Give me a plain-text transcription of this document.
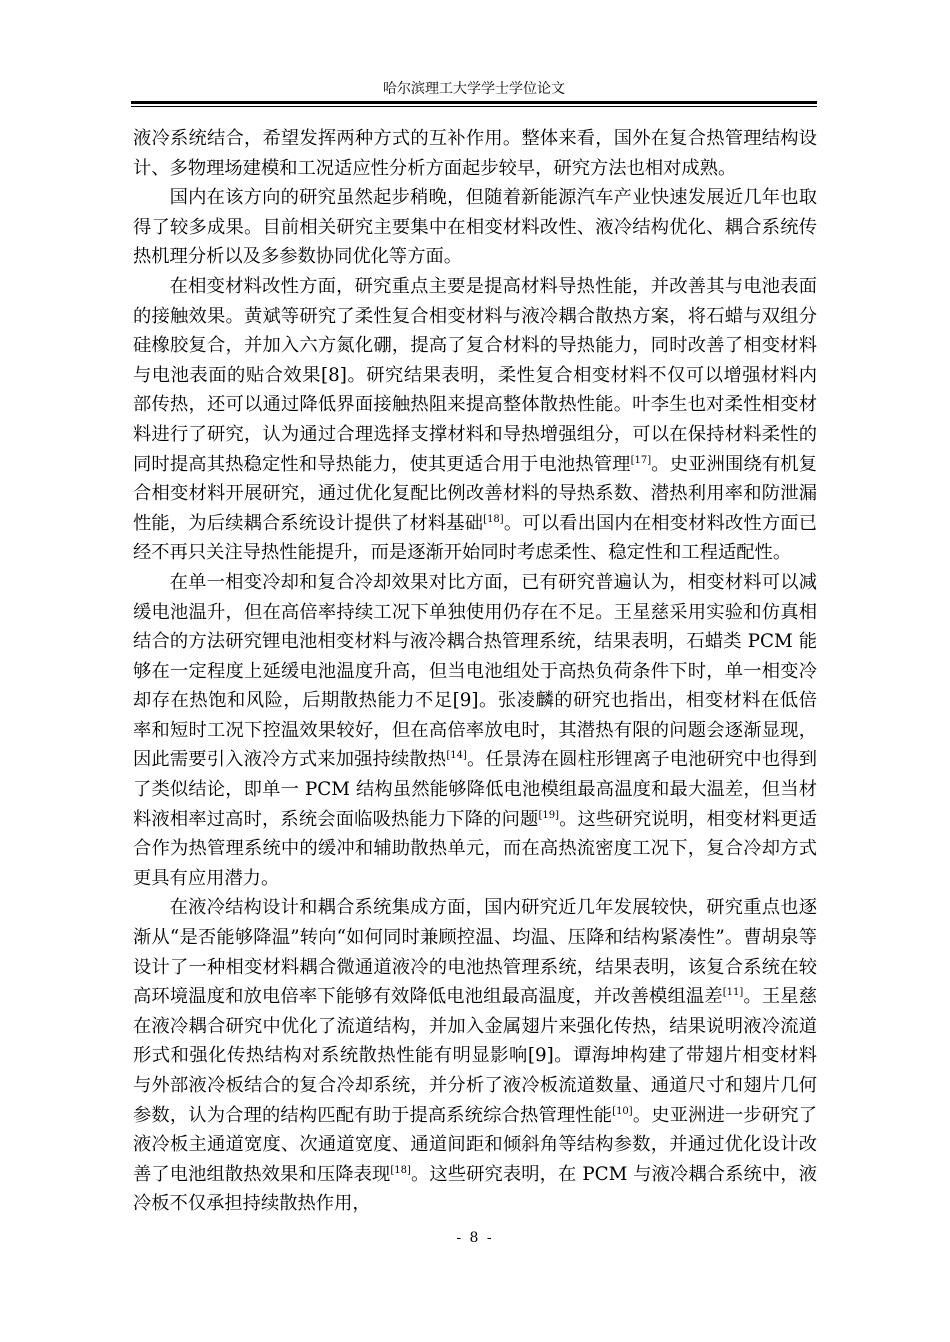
哈尔滨理工大学学士学位论文

液冷系统结合，希望发挥两种方式的互补作用。整体来看，国外在复合热管理结构设计、多物理场建模和工况适应性分析方面起步较早，研究方法也相对成熟。

国内在该方向的研究虽然起步稍晚，但随着新能源汽车产业快速发展近几年也取得了较多成果。目前相关研究主要集中在相变材料改性、液冷结构优化、耦合系统传热机理分析以及多参数协同优化等方面。

在相变材料改性方面，研究重点主要是提高材料导热性能，并改善其与电池表面的接触效果。黄斌等研究了柔性复合相变材料与液冷耦合散热方案，将石蜡与双组分硅橡胶复合，并加入六方氮化硼，提高了复合材料的导热能力，同时改善了相变材料与电池表面的贴合效果[8]。研究结果表明，柔性复合相变材料不仅可以增强材料内部传热，还可以通过降低界面接触热阻来提高整体散热性能。叶李生也对柔性相变材料进行了研究，认为通过合理选择支撑材料和导热增强组分，可以在保持材料柔性的同时提高其热稳定性和导热能力，使其更适合用于电池热管理[17]。史亚洲围绕有机复合相变材料开展研究，通过优化复配比例改善材料的导热系数、潜热利用率和防泄漏性能，为后续耦合系统设计提供了材料基础[18]。可以看出国内在相变材料改性方面已经不再只关注导热性能提升，而是逐渐开始同时考虑柔性、稳定性和工程适配性。

在单一相变冷却和复合冷却效果对比方面，已有研究普遍认为，相变材料可以减缓电池温升，但在高倍率持续工况下单独使用仍存在不足。王星慈采用实验和仿真相结合的方法研究锂电池相变材料与液冷耦合热管理系统，结果表明，石蜡类 PCM 能够在一定程度上延缓电池温度升高，但当电池组处于高热负荷条件下时，单一相变冷却存在热饱和风险，后期散热能力不足[9]。张凌麟的研究也指出，相变材料在低倍率和短时工况下控温效果较好，但在高倍率放电时，其潜热有限的问题会逐渐显现，因此需要引入液冷方式来加强持续散热[14]。任景涛在圆柱形锂离子电池研究中也得到了类似结论，即单一 PCM 结构虽然能够降低电池模组最高温度和最大温差，但当材料液相率过高时，系统会面临吸热能力下降的问题[19]。这些研究说明，相变材料更适合作为热管理系统中的缓冲和辅助散热单元，而在高热流密度工况下，复合冷却方式更具有应用潜力。

在液冷结构设计和耦合系统集成方面，国内研究近几年发展较快，研究重点也逐渐从“是否能够降温”转向“如何同时兼顾控温、均温、压降和结构紧凑性”。曹胡泉等设计了一种相变材料耦合微通道液冷的电池热管理系统，结果表明，该复合系统在较高环境温度和放电倍率下能够有效降低电池组最高温度，并改善模组温差[11]。王星慈在液冷耦合研究中优化了流道结构，并加入金属翅片来强化传热，结果说明液冷流道形式和强化传热结构对系统散热性能有明显影响[9]。谭海坤构建了带翅片相变材料与外部液冷板结合的复合冷却系统，并分析了液冷板流道数量、通道尺寸和翅片几何参数，认为合理的结构匹配有助于提高系统综合热管理性能[10]。史亚洲进一步研究了液冷板主通道宽度、次通道宽度、通道间距和倾斜角等结构参数，并通过优化设计改善了电池组散热效果和压降表现[18]。这些研究表明，在 PCM 与液冷耦合系统中，液冷板不仅承担持续散热作用，

- 8 -
